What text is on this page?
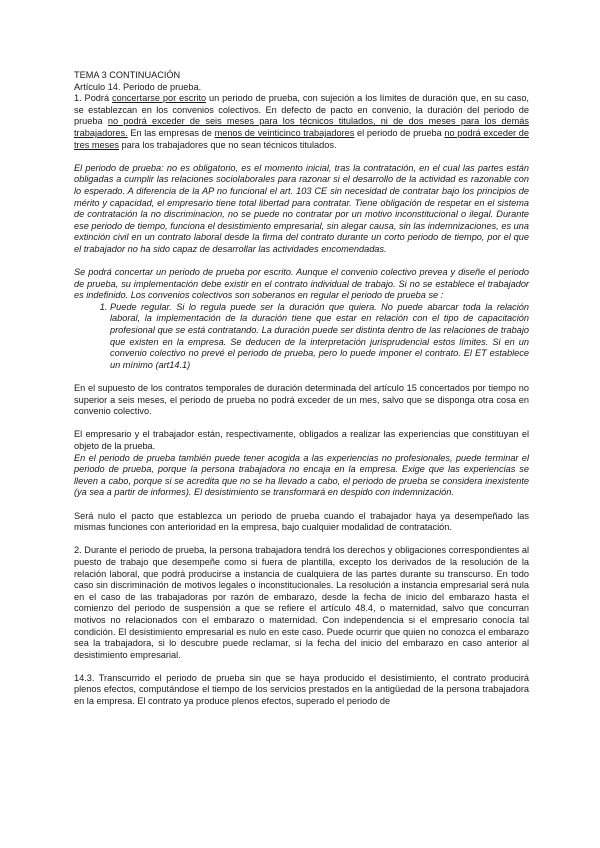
TEMA 3 CONTINUACIÓN

Artículo 14. Periodo de prueba.

1. Podrá concertarse por escrito un periodo de prueba, con sujeción a los límites de duración que, en su caso, se establezcan en los convenios colectivos. En defecto de pacto en convenio, la duración del periodo de prueba no podrá exceder de seis meses para los técnicos titulados, ni de dos meses para los demás trabajadores. En las empresas de menos de veinticinco trabajadores el periodo de prueba no podrá exceder de tres meses para los trabajadores que no sean técnicos titulados.

El periodo de prueba: no es obligatorio, es el momento inicial, tras la contratación, en el cual las partes están obligadas a cumplir las relaciones sociolaborales para razonar si el desarrollo de la actividad es razonable con lo esperado. A diferencia de la AP no funcional el art. 103 CE sin necesidad de contratar bajo los principios de mérito y capacidad, el empresario tiene total libertad para contratar. Tiene obligación de respetar en el sistema de contratación la no discriminacion, no se puede no contratar por un motivo inconstitucional o ilegal. Durante ese periodo de tiempo, funciona el desistimiento empresarial, sin alegar causa, sin las indemnizaciones, es una extinción civil en un contrato laboral desde la firma del contrato durante un corto periodo de tiempo, por el que el trabajador no ha sido capaz de desarrollar las actividades encomendadas.

Se podrá concertar un periodo de prueba por escrito. Aunque el convenio colectivo prevea y diseñe el periodo de prueba, su implementación debe existir en el contrato individual de trabajo. Si no se establece el trabajador es indefinido. Los convenios colectivos son soberanos en regular el periodo de prueba se :

1. Puede regular. Si lo regula puede ser la duración que quiera. No puede abarcar toda la relación laboral, la implementación de la duración tiene que estar en relación con el tipo de capacitación profesional que se está contratando. La duración puede ser distinta dentro de las relaciones de trabajo que existen en la empresa. Se deducen de la interpretación jurisprudencial estos límites. Si en un convenio colectivo no prevé el periodo de prueba, pero lo puede imponer el contrato. El ET establece un mínimo (art14.1)

En el supuesto de los contratos temporales de duración determinada del artículo 15 concertados por tiempo no superior a seis meses, el periodo de prueba no podrá exceder de un mes, salvo que se disponga otra cosa en convenio colectivo.

El empresario y el trabajador están, respectivamente, obligados a realizar las experiencias que constituyan el objeto de la prueba.

En el periodo de prueba también puede tener acogida a las experiencias no profesionales, puede terminar el periodo de prueba, porque la persona trabajadora no encaja en la empresa. Exige que las experiencias se lleven a cabo, porque si se acredita que no se ha llevado a cabo, el periodo de prueba se considera inexistente (ya sea a partir de informes). El desistimiento se transformará en despido con indemnización.

Será nulo el pacto que establezca un periodo de prueba cuando el trabajador haya ya desempeñado las mismas funciones con anterioridad en la empresa, bajo cualquier modalidad de contratación.

2. Durante el periodo de prueba, la persona trabajadora tendrá los derechos y obligaciones correspondientes al puesto de trabajo que desempeñe como si fuera de plantilla, excepto los derivados de la resolución de la relación laboral, que podrá producirse a instancia de cualquiera de las partes durante su transcurso. En todo caso sin discriminación de motivos legales o inconstitucionales. La resolución a instancia empresarial será nula en el caso de las trabajadoras por razón de embarazo, desde la fecha de inicio del embarazo hasta el comienzo del periodo de suspensión a que se refiere el artículo 48.4, o maternidad, salvo que concurran motivos no relacionados con el embarazo o maternidad. Con independencia si el empresario conocía tal condición. El desistimiento empresarial es nulo en este caso. Puede ocurrir que quien no conozca el embarazo sea la trabajadora, si lo descubre puede reclamar, si la fecha del inicio del embarazo en caso anterior al desistimiento empresarial.

14.3. Transcurrido el periodo de prueba sin que se haya producido el desistimiento, el contrato producirá plenos efectos, computándose el tiempo de los servicios prestados en la antigüedad de la persona trabajadora en la empresa. El contrato ya produce plenos efectos, superado el periodo de
